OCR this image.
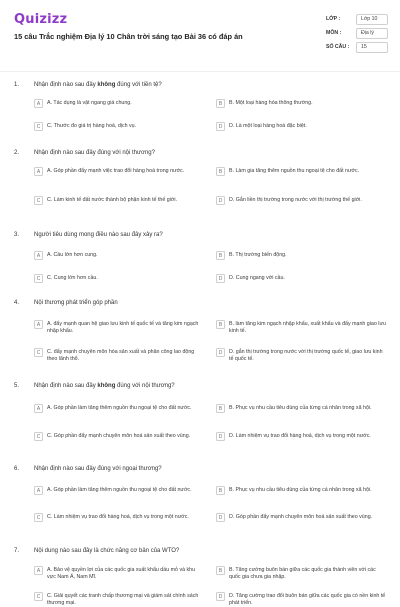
Quizizz
15 câu Trắc nghiệm Địa lý 10 Chân trời sáng tạo Bài 36 có đáp án
LỚP :	Lớp 10
MÔN :	Địa lý
SỐ CÂU :	15
1. Nhận định nào sau đây không đúng với tiền tệ?
A	A. Tác dụng là vật ngang giá chung.	B	B. Một loại hàng hóa thông thường.
C	C. Thước đo giá trị hàng hoá, dịch vụ.	D	D. Là một loại hàng hoá đặc biệt.
2. Nhận định nào sau đây đúng với nội thương?
A	A. Góp phần đẩy mạnh việc trao đổi hàng hoá trong nước.	B	B. Làm gia tăng thêm nguồn thu ngoại tệ cho đất nước.
C	C. Làm kinh tế đất nước thành bộ phận kinh tế thế giới.	D	D. Gắn liền thị trường trong nước với thị trường thế giới.
3. Người tiêu dùng mong điều nào sau đây xảy ra?
A	A. Cầu lớn hơn cung.	B	B. Thị trường biến động.
C	C. Cung lớn hơn cầu.	D	D. Cung ngang với cầu.
4. Nội thương phát triển góp phần
A	A. đẩy mạnh quan hệ giao lưu kinh tế quốc tế và tăng kim ngạch nhập khẩu.
B	B. làm tăng kim ngạch nhập khẩu, xuất khẩu và đẩy mạnh giao lưu kinh tế.
C	C. đẩy mạnh chuyên môn hóa sản xuất và phân công lao động theo lãnh thổ.
D	D. gắn thị trường trong nước với thị trường quốc tế, giao lưu kinh tế quốc tế.
5. Nhận định nào sau đây không đúng với nội thương?
A	A. Góp phần làm tăng thêm nguồn thu ngoại tệ cho đất nước.	B	B. Phục vụ nhu cầu tiêu dùng của từng cá nhân trong xã hội.
C	C. Góp phần đẩy mạnh chuyên môn hoá sản xuất theo vùng.	D	D. Làm nhiệm vụ trao đổi hàng hoá, dịch vụ trong một nước.
6. Nhận định nào sau đây đúng với ngoại thương?
A	A. Góp phần làm tăng thêm nguồn thu ngoại tệ cho đất nước.	B	B. Phục vụ nhu cầu tiêu dùng của từng cá nhân trong xã hội.
C	C. Làm nhiệm vụ trao đổi hàng hoá, dịch vụ trong một nước.	D	D. Góp phần đẩy mạnh chuyên môn hoá sản xuất theo vùng.
7. Nội dung nào sau đây là chức năng cơ bản của WTO?
A	A. Bảo vệ quyền lợi của các quốc gia xuất khẩu dầu mỏ và khu vực Nam Á, Nam Mĩ.
B	B. Tăng cường buôn bán giữa các quốc gia thành viên với các quốc gia chưa gia nhập.
C	C. Giải quyết các tranh chấp thương mại và giám sát chính sách thương mại.
D	D. Tăng cường trao đổi buôn bán giữa các quốc gia có nền kinh tế phát triển.
